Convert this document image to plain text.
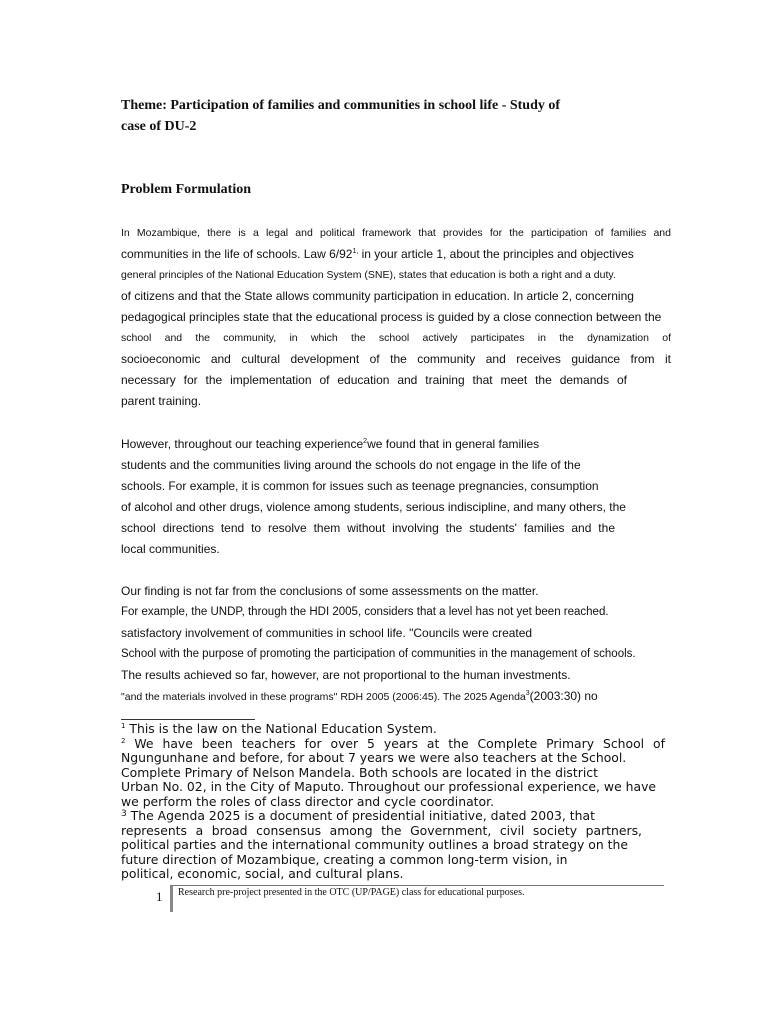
Theme: Participation of families and communities in school life - Study of
case of DU-2
Problem Formulation
In Mozambique, there is a legal and political framework that provides for the participation of families and
communities in the life of schools. Law $6/92^{1,}$ in your article 1, about the principles and objectives
general principles of the National Education System (SNE), states that education is both a right and a duty.
of citizens and that the State allows community participation in education. In article 2, concerning
pedagogical principles state that the educational process is guided by a close connection between the
school and the community, in which the school actively participates in the dynamization of
socioeconomic and cultural development of the community and receives guidance from it
necessary for the implementation of education and training that meet the demands of
parent training.
However, throughout our teaching experience$^2$we found that in general families
students and the communities living around the schools do not engage in the life of the
schools. For example, it is common for issues such as teenage pregnancies, consumption
of alcohol and other drugs, violence among students, serious indiscipline, and many others, the
school directions tend to resolve them without involving the students' families and the
local communities.
Our finding is not far from the conclusions of some assessments on the matter.
For example, the UNDP, through the HDI 2005, considers that a level has not yet been reached.
satisfactory involvement of communities in school life. "Councils were created
School with the purpose of promoting the participation of communities in the management of schools.
The results achieved so far, however, are not proportional to the human investments.
"and the materials involved in these programs" RDH 2005 (2006:45). The 2025 Agenda$^3$(2003:30) no
$^1$ This is the law on the National Education System.
$^2$ We have been teachers for over 5 years at the Complete Primary School of
Ngungunhane and before, for about 7 years we were also teachers at the School.
Complete Primary of Nelson Mandela. Both schools are located in the district
Urban No. 02, in the City of Maputo. Throughout our professional experience, we have
we perform the roles of class director and cycle coordinator.
$^3$ The Agenda 2025 is a document of presidential initiative, dated 2003, that
represents a broad consensus among the Government, civil society partners,
political parties and the international community outlines a broad strategy on the
future direction of Mozambique, creating a common long-term vision, in
political, economic, social, and cultural plans.
1 Research pre-project presented in the OTC (UP/PAGE) class for educational purposes.
